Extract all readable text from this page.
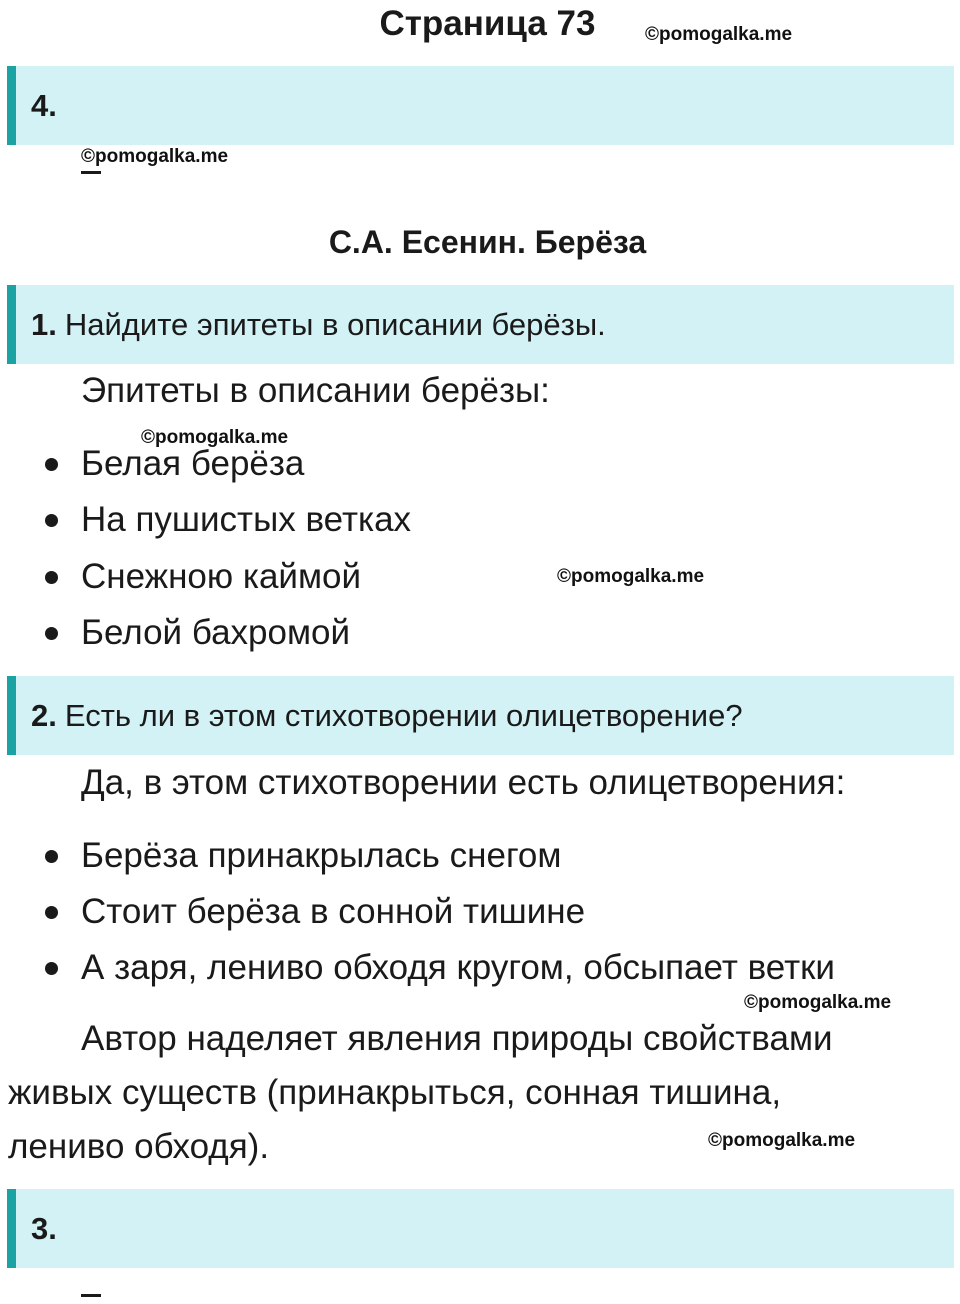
Страница 73	©pomogalka.me
4.
©pomogalka.me
С.А. Есенин. Берёза
1. Найдите эпитеты в описании берёзы.
Эпитеты в описании берёзы:
©pomogalka.me
Белая берёза
На пушистых ветках
Снежною каймой	©pomogalka.me
Белой бахромой
2. Есть ли в этом стихотворении олицетворение?
Да, в этом стихотворении есть олицетворения:
Берёза принакрылась снегом
Стоит берёза в сонной тишине
А заря, лениво обходя кругом, обсыпает ветки
©pomogalka.me
Автор наделяет явления природы свойствами
живых существ (принакрыться, сонная тишина,
лениво обходя).	©pomogalka.me
3.
